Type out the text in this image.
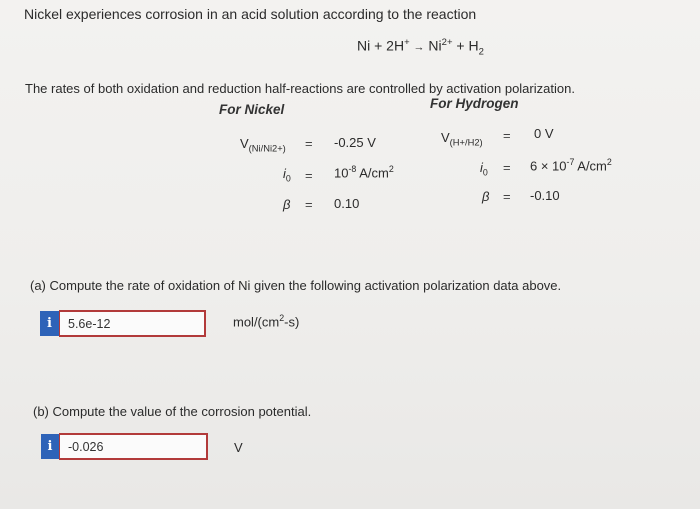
Nickel experiences corrosion in an acid solution according to the reaction
$Ni + 2H^+ \to Ni^{2+} + H_2$
The rates of both oxidation and reduction half-reactions are controlled by activation polarization.
For Nickel	For Hydrogen
$V_{(Ni/Ni2+)} = -0.25$ V
$i_0 = 10^{-8}$ $A/cm^2$
β = 0.10
$V_{(H+/H2)} = 0$ V
$i_0 = 6 \times 10^{-7}$ $A/cm^2$
β = -0.10
(a) Compute the rate of oxidation of Ni given the following activation polarization data above.
i	5.6e-12	mol/$(cm^2-s)$
(b) Compute the value of the corrosion potential.
i	-0.026	V
